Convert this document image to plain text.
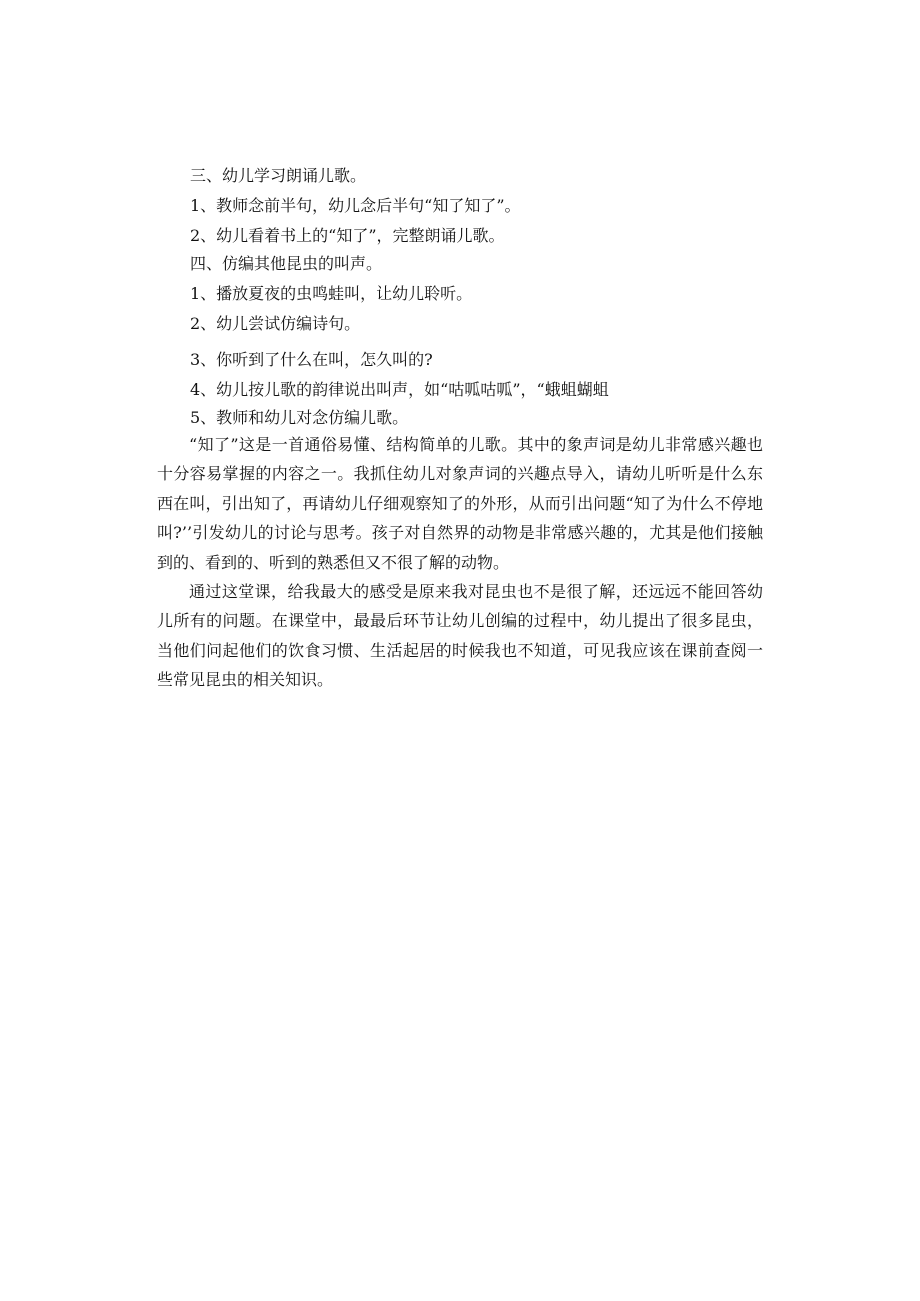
三、幼儿学习朗诵儿歌。
1、教师念前半句，幼儿念后半句“知了知了”。
2、幼儿看着书上的“知了”，完整朗诵儿歌。
四、仿编其他昆虫的叫声。
1、播放夏夜的虫鸣蛙叫，让幼儿聆听。
2、幼儿尝试仿编诗句。
3、你听到了什么在叫，怎久叫的?
4、幼儿按儿歌的韵律说出叫声，如“咕呱咕呱”，“蛾蛆蝴蛆
5、教师和幼儿对念仿编儿歌。

“知了”这是一首通俗易懂、结构简单的儿歌。其中的象声词是幼儿非常感兴趣也十分容易掌握的内容之一。我抓住幼儿对象声词的兴趣点导入，请幼儿听听是什么东西在叫，引出知了，再请幼儿仔细观察知了的外形，从而引出问题“知了为什么不停地叫?’’引发幼儿的讨论与思考。孩子对自然界的动物是非常感兴趣的，尤其是他们接触到的、看到的、听到的熟悉但又不很了解的动物。

通过这堂课，给我最大的感受是原来我对昆虫也不是很了解，还远远不能回答幼儿所有的问题。在课堂中，最最后环节让幼儿创编的过程中，幼儿提出了很多昆虫，当他们问起他们的饮食习惯、生活起居的时候我也不知道，可见我应该在课前查阅一些常见昆虫的相关知识。
